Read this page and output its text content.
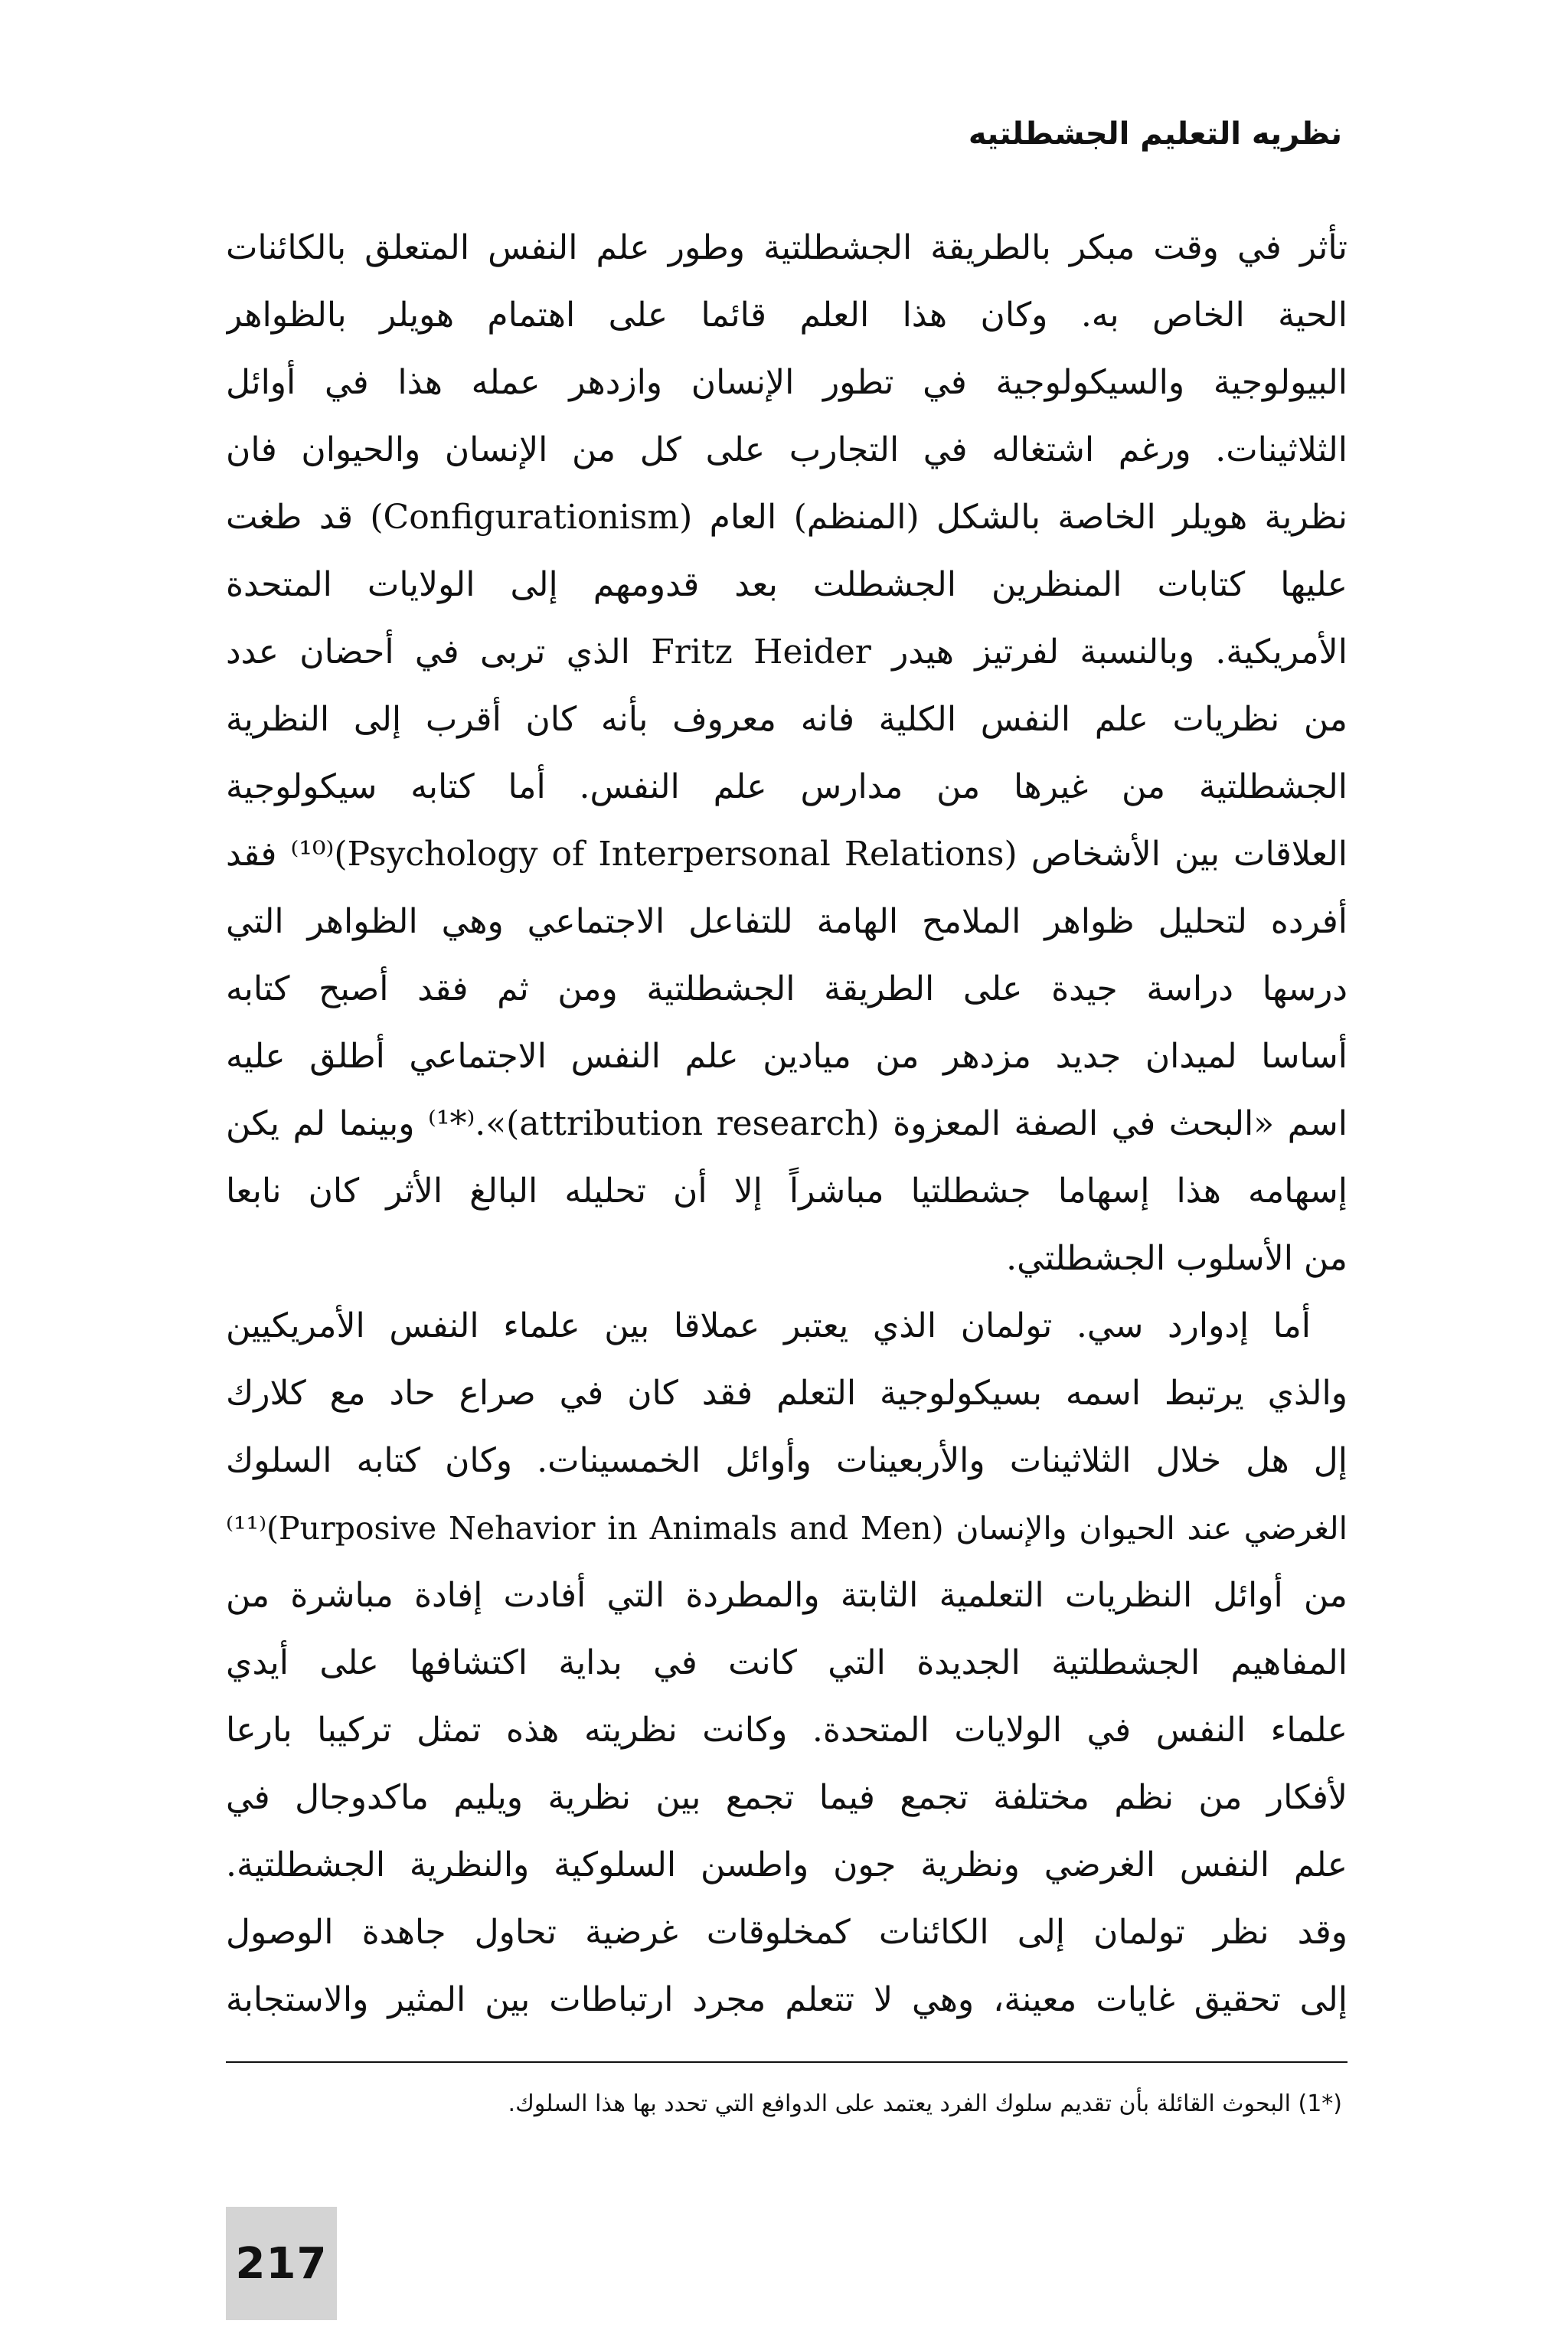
نظريه التعليم الجشطلتيه
تأثر في وقت مبكر بالطريقة الجشطلتية وطور علم النفس المتعلق بالكائنات
الحية الخاص به. وكان هذا العلم قائما على اهتمام هويلر بالظواهر
البيولوجية والسيكولوجية في تطور الإنسان وازدهر عمله هذا في أوائل
الثلاثينات. ورغم اشتغاله في التجارب على كل من الإنسان والحيوان فان
نظرية هويلر الخاصة بالشكل (المنظم) العام (Configurationism) قد طغت
عليها كتابات المنظرين الجشطلت بعد قدومهم إلى الولايات المتحدة
الأمريكية. وبالنسبة لفرتيز هيدر Fritz Heider الذي تربى في أحضان عدد
من نظريات علم النفس الكلية فانه معروف بأنه كان أقرب إلى النظرية
الجشطلتية من غيرها من مدارس علم النفس. أما كتابه سيكولوجية
العلاقات بين الأشخاص (Psychology of Interpersonal Relations)⁽¹⁰⁾ فقد
أفرده لتحليل ظواهر الملامح الهامة للتفاعل الاجتماعي وهي الظواهر التي
درسها دراسة جيدة على الطريقة الجشطلتية ومن ثم فقد أصبح كتابه
أساسا لميدان جديد مزدهر من ميادين علم النفس الاجتماعي أطلق عليه
اسم «البحث في الصفة المعزوة (attribution research)».⁽*¹⁾ وبينما لم يكن
إسهامه هذا إسهاما جشطلتيا مباشراً إلا أن تحليله البالغ الأثر كان نابعا
من الأسلوب الجشطلتي.
أما إدوارد سي. تولمان الذي يعتبر عملاقا بين علماء النفس الأمريكيين
والذي يرتبط اسمه بسيكولوجية التعلم فقد كان في صراع حاد مع كلارك
إل هل خلال الثلاثينات والأربعينات وأوائل الخمسينات. وكان كتابه السلوك
الغرضي عند الحيوان والإنسان (Purposive Nehavior in Animals and Men)⁽¹¹⁾
من أوائل النظريات التعلمية الثابتة والمطردة التي أفادت إفادة مباشرة من
المفاهيم الجشطلتية الجديدة التي كانت في بداية اكتشافها على أيدي
علماء النفس في الولايات المتحدة. وكانت نظريته هذه تمثل تركيبا بارعا
لأفكار من نظم مختلفة تجمع فيما تجمع بين نظرية ويليم ماكدوجال في
علم النفس الغرضي ونظرية جون واطسن السلوكية والنظرية الجشطلتية.
وقد نظر تولمان إلى الكائنات كمخلوقات غرضية تحاول جاهدة الوصول
إلى تحقيق غايات معينة، وهي لا تتعلم مجرد ارتباطات بين المثير والاستجابة
(*1) البحوث القائلة بأن تقديم سلوك الفرد يعتمد على الدوافع التي تحدد بها هذا السلوك.
217
